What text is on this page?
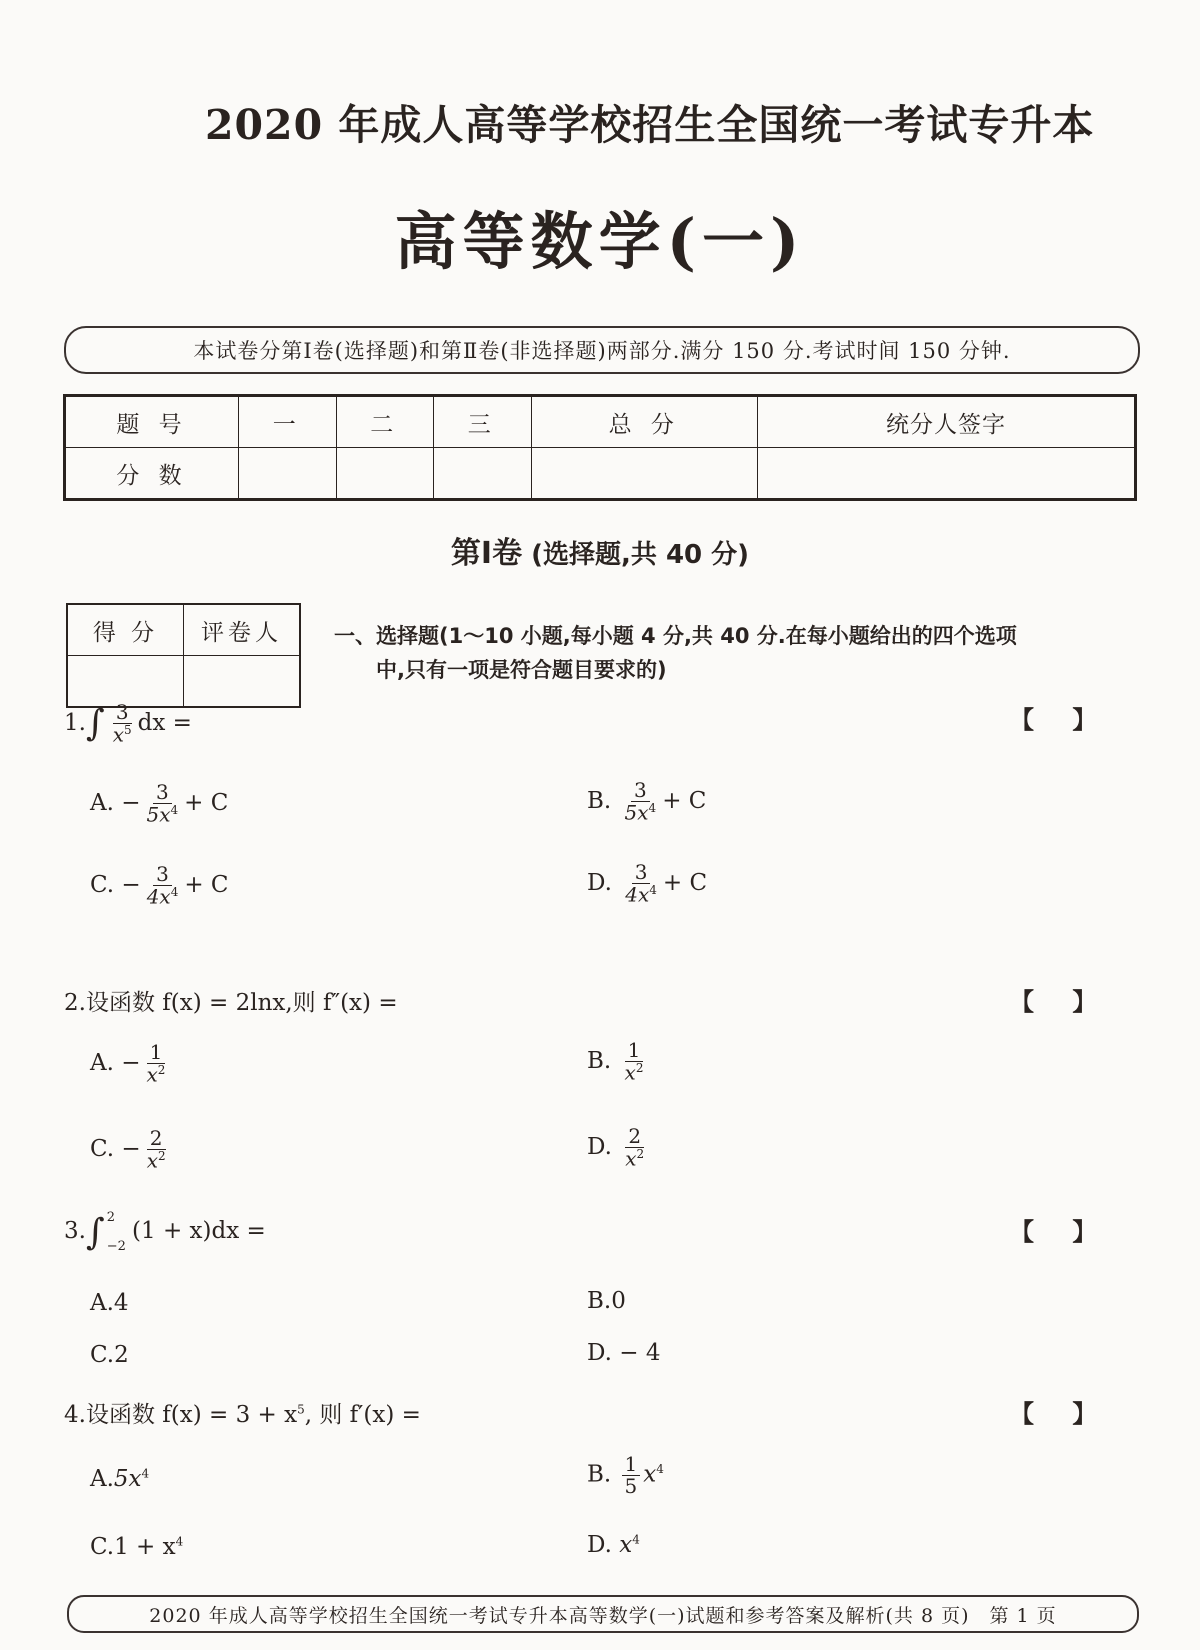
2020 年成人高等学校招生全国统一考试专升本
高等数学(一)
本试卷分第Ⅰ卷(选择题)和第Ⅱ卷(非选择题)两部分.满分 150 分.考试时间 150 分钟.
题 号	一	二	三	总 分	统分人签字
分 数					
第Ⅰ卷 (选择题,共 40 分)
得 分	评卷人
	一、选择题(1～10 小题,每小题 4 分,共 40 分.在每小题给出的四个选项
中,只有一项是符合题目要求的)
$1.\int \frac{3}{x^5}$ dx =	【 】
A. − $\frac{3}{5x^4} + C$	B. $\frac{3}{5x^4} + C$
C. − $\frac{3}{4x^4} + C$	D. $\frac{3}{4x^4} + C$
2.设函数 f(x) = 2lnx,则 f″(x) =	【 】
A. − $\frac{1}{x^2}$	B. $\frac{1}{x^2}$
C. − $\frac{2}{x^2}$	D. $\frac{2}{x^2}$
3.∫ 2
−2
(1 + x)dx =	【 】
A.4	B.0
C.2	D. − 4
4.设函数 $f(x) = 3 + x^5$, 则 f′(x) =	【 】
$A.5x^4$	B. $\frac{1}{5} x^4$
$C.1 + x^4$	D. $x^4$
2020 年成人高等学校招生全国统一考试专升本高等数学(一)试题和参考答案及解析(共 8 页)　第 1 页
